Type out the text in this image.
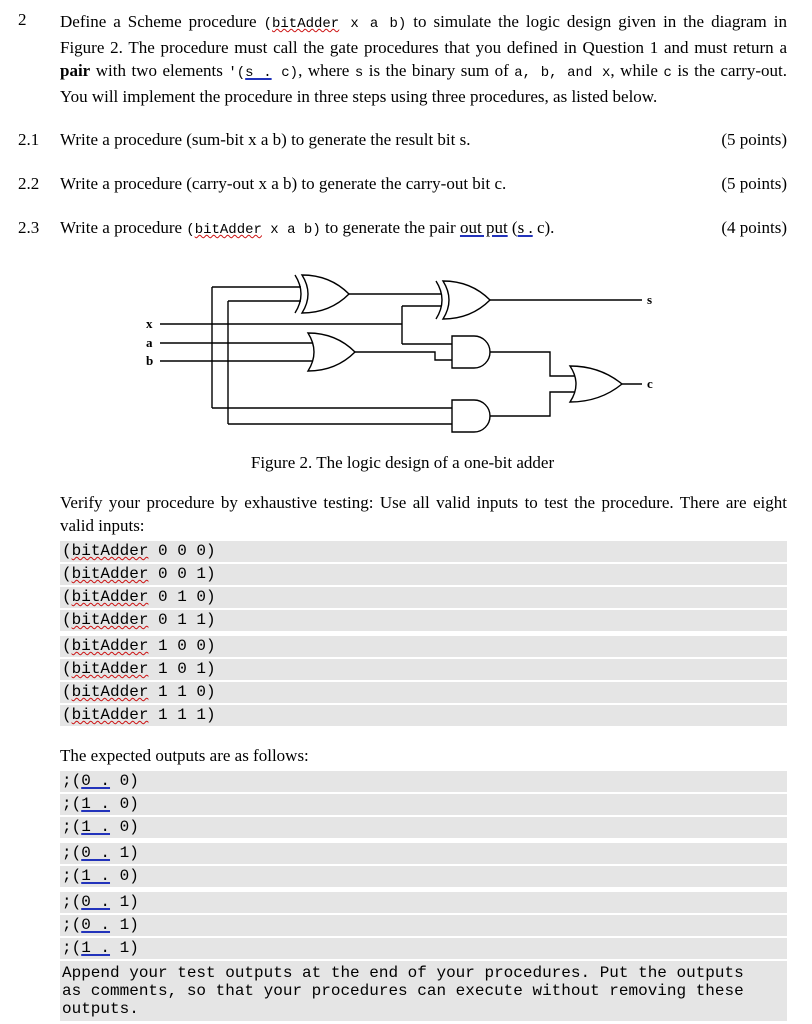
2	Define a Scheme procedure (bitAdder x a b) to simulate the logic design given in the diagram in Figure 2. The procedure must call the gate procedures that you defined in Question 1 and must return a pair with two elements '(s . c), where s is the binary sum of a, b, and x, while c is the carry-out. You will implement the procedure in three steps using three procedures, as listed below.

2.1	Write a procedure (sum-bit x a b) to generate the result bit s.	(5 points)
2.2	Write a procedure (carry-out x a b) to generate the carry-out bit c.	(5 points)
2.3	Write a procedure (bitAdder x a b) to generate the pair out put (s . c).	(4 points)
x
a
b
s
c
Figure 2. The logic design of a one-bit adder

Verify your procedure by exhaustive testing: Use all valid inputs to test the procedure. There are eight valid inputs:

(bitAdder 0 0 0)
(bitAdder 0 0 1)
(bitAdder 0 1 0)
(bitAdder 0 1 1)
(bitAdder 1 0 0)
(bitAdder 1 0 1)
(bitAdder 1 1 0)
(bitAdder 1 1 1)

The expected outputs are as follows:

;(0 . 0)
;(1 . 0)
;(1 . 0)
;(0 . 1)
;(1 . 0)
;(0 . 1)
;(0 . 1)
;(1 . 1)
Append your test outputs at the end of your procedures. Put the outputs
as comments, so that your procedures can execute without removing these
outputs.
